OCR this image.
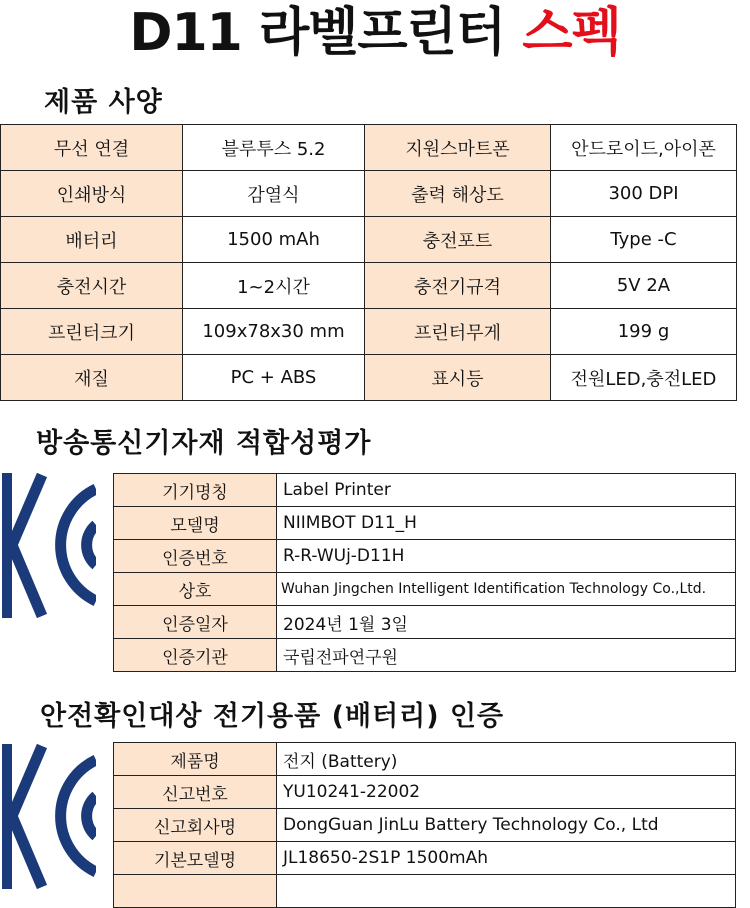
D11 라벨프린터 스펙
제품 사양
무선 연결	블루투스 5.2	지원스마트폰	안드로이드,아이폰
인쇄방식	감열식	출력 해상도	300 DPI
배터리	1500 mAh	충전포트	Type -C
충전시간	1~2시간	충전기규격	5V 2A
프린터크기	109x78x30 mm	프린터무게	199 g
재질	PC + ABS	표시등	전원LED,충전LED
방송통신기자재 적합성평가
기기명칭	Label Printer
모델명	NIIMBOT D11_H
인증번호	R-R-WUj-D11H
상호	Wuhan Jingchen Intelligent Identification Technology Co.,Ltd.
인증일자	2024년 1월 3일
인증기관	국립전파연구원
안전확인대상 전기용품 (배터리) 인증
제품명	전지 (Battery)
신고번호	YU10241-22002
신고회사명	DongGuan JinLu Battery Technology Co., Ltd
기본모델명	JL18650-2S1P 1500mAh
